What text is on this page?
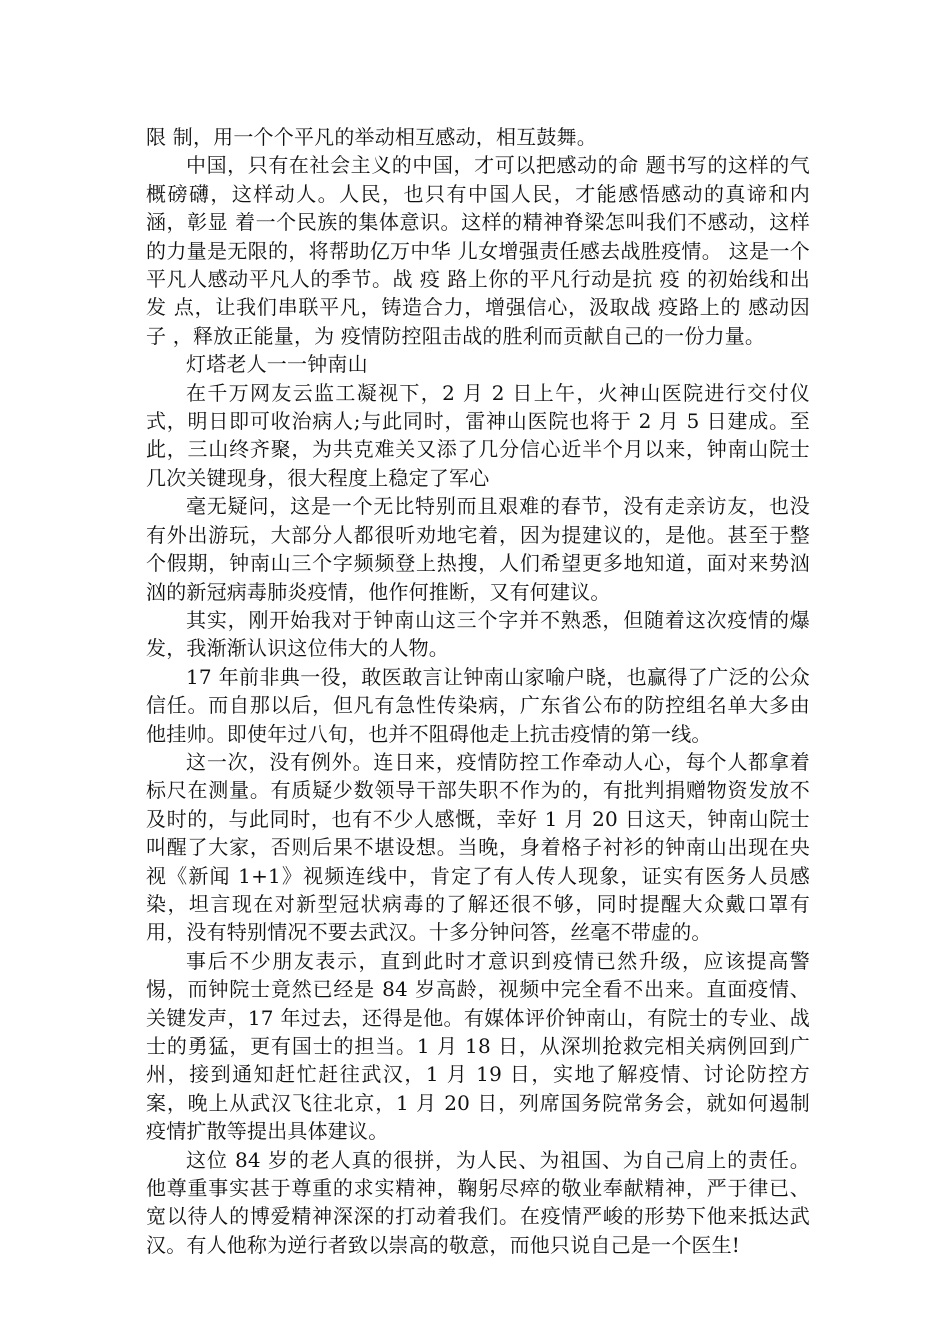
限 制，用一个个平凡的举动相互感动，相互鼓舞。

中国，只有在社会主义的中国，才可以把感动的命 题书写的这样的气概磅礴，这样动人。人民，也只有中国人民，才能感悟感动的真谛和内涵，彰显 着一个民族的集体意识。这样的精神脊梁怎叫我们不感动，这样的力量是无限的，将帮助亿万中华 儿女增强责任感去战胜疫情。 这是一个平凡人感动平凡人的季节。战 疫 路上你的平凡行动是抗 疫 的初始线和出发 点，让我们串联平凡，铸造合力，增强信心，汲取战 疫路上的 感动因子 ，释放正能量，为 疫情防控阻击战的胜利而贡献自己的一份力量。

灯塔老人一一钟南山

在千万网友云监工凝视下，2 月 2 日上午，火神山医院进行交付仪式，明日即可收治病人;与此同时，雷神山医院也将于 2 月 5 日建成。至此，三山终齐聚，为共克难关又添了几分信心近半个月以来，钟南山院士几次关键现身，很大程度上稳定了军心

毫无疑问，这是一个无比特别而且艰难的春节，没有走亲访友，也没有外出游玩，大部分人都很听劝地宅着，因为提建议的，是他。甚至于整个假期，钟南山三个字频频登上热搜，人们希望更多地知道，面对来势汹汹的新冠病毒肺炎疫情，他作何推断，又有何建议。

其实，刚开始我对于钟南山这三个字并不熟悉，但随着这次疫情的爆发，我渐渐认识这位伟大的人物。

17 年前非典一役，敢医敢言让钟南山家喻户晓，也赢得了广泛的公众信任。而自那以后，但凡有急性传染病，广东省公布的防控组名单大多由他挂帅。即使年过八旬，也并不阻碍他走上抗击疫情的第一线。

这一次，没有例外。连日来，疫情防控工作牵动人心，每个人都拿着标尺在测量。有质疑少数领导干部失职不作为的，有批判捐赠物资发放不及时的，与此同时，也有不少人感慨，幸好 1 月 20 日这天，钟南山院士叫醒了大家，否则后果不堪设想。当晚，身着格子衬衫的钟南山出现在央视《新闻 1+1》视频连线中，肯定了有人传人现象，证实有医务人员感染，坦言现在对新型冠状病毒的了解还很不够，同时提醒大众戴口罩有用，没有特别情况不要去武汉。十多分钟问答，丝毫不带虚的。

事后不少朋友表示，直到此时才意识到疫情已然升级，应该提高警惕，而钟院士竟然已经是 84 岁高龄，视频中完全看不出来。直面疫情、关键发声，17 年过去，还得是他。有媒体评价钟南山，有院士的专业、战士的勇猛，更有国士的担当。1 月 18 日，从深圳抢救完相关病例回到广州，接到通知赶忙赶往武汉，1 月 19 日，实地了解疫情、讨论防控方案，晚上从武汉飞往北京，1 月 20 日，列席国务院常务会，就如何遏制疫情扩散等提出具体建议。

这位 84 岁的老人真的很拼，为人民、为祖国、为自己肩上的责任。他尊重事实甚于尊重的求实精神，鞠躬尽瘁的敬业奉献精神，严于律已、宽以待人的博爱精神深深的打动着我们。在疫情严峻的形势下他来抵达武汉。有人他称为逆行者致以崇高的敬意，而他只说自己是一个医生!
